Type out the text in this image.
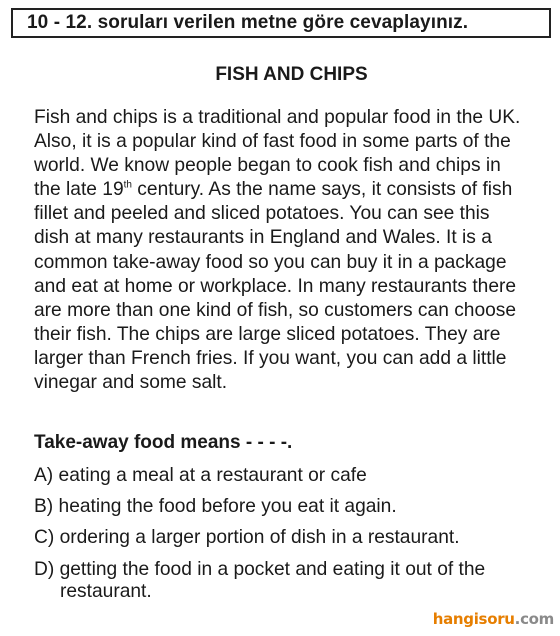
10 - 12. soruları verilen metne göre cevaplayınız.
FISH AND CHIPS
Fish and chips is a traditional and popular food in the UK.
Also, it is a popular kind of fast food in some parts of the
world. We know people began to cook fish and chips in
the late 19th century. As the name says, it consists of fish
fillet and peeled and sliced potatoes. You can see this
dish at many restaurants in England and Wales. It is a
common take-away food so you can buy it in a package
and eat at home or workplace. In many restaurants there
are more than one kind of fish, so customers can choose
their fish. The chips are large sliced potatoes. They are
larger than French fries. If you want, you can add a little
vinegar and some salt.
Take-away food means - - - -.
A) eating a meal at a restaurant or cafe
B) heating the food before you eat it again.
C) ordering a larger portion of dish in a restaurant.
D) getting the food in a pocket and eating it out of the
restaurant.
hangisoru.com
